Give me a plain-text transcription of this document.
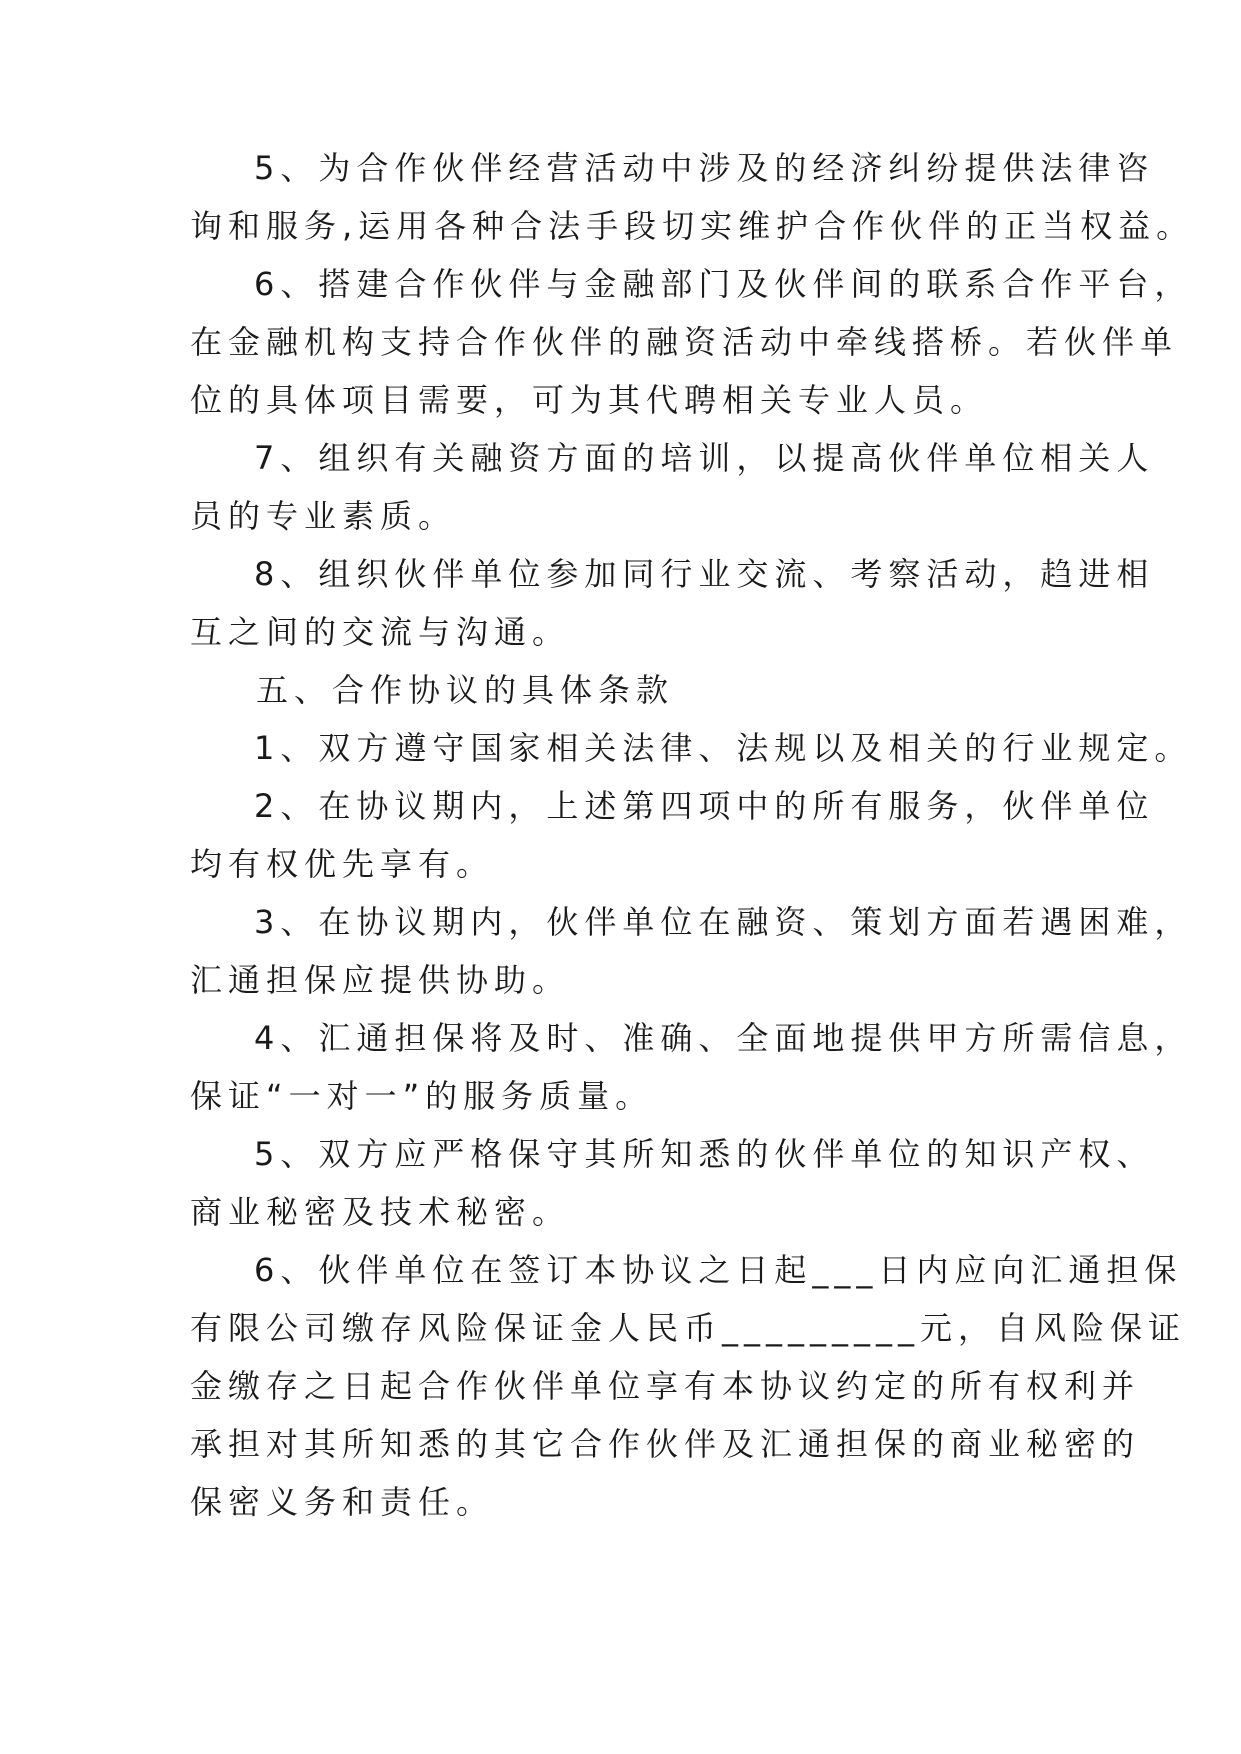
5、为合作伙伴经营活动中涉及的经济纠纷提供法律咨
询和服务,运用各种合法手段切实维护合作伙伴的正当权益。
6、搭建合作伙伴与金融部门及伙伴间的联系合作平台，
在金融机构支持合作伙伴的融资活动中牵线搭桥。若伙伴单
位的具体项目需要，可为其代聘相关专业人员。
7、组织有关融资方面的培训，以提高伙伴单位相关人
员的专业素质。
8、组织伙伴单位参加同行业交流、考察活动，趋进相
互之间的交流与沟通。
五、合作协议的具体条款
1、双方遵守国家相关法律、法规以及相关的行业规定。
2、在协议期内，上述第四项中的所有服务，伙伴单位
均有权优先享有。
3、在协议期内，伙伴单位在融资、策划方面若遇困难，
汇通担保应提供协助。
4、汇通担保将及时、准确、全面地提供甲方所需信息，
保证“一对一”的服务质量。
5、双方应严格保守其所知悉的伙伴单位的知识产权、
商业秘密及技术秘密。
6、伙伴单位在签订本协议之日起___日内应向汇通担保
有限公司缴存风险保证金人民币_________元，自风险保证
金缴存之日起合作伙伴单位享有本协议约定的所有权利并
承担对其所知悉的其它合作伙伴及汇通担保的商业秘密的
保密义务和责任。
